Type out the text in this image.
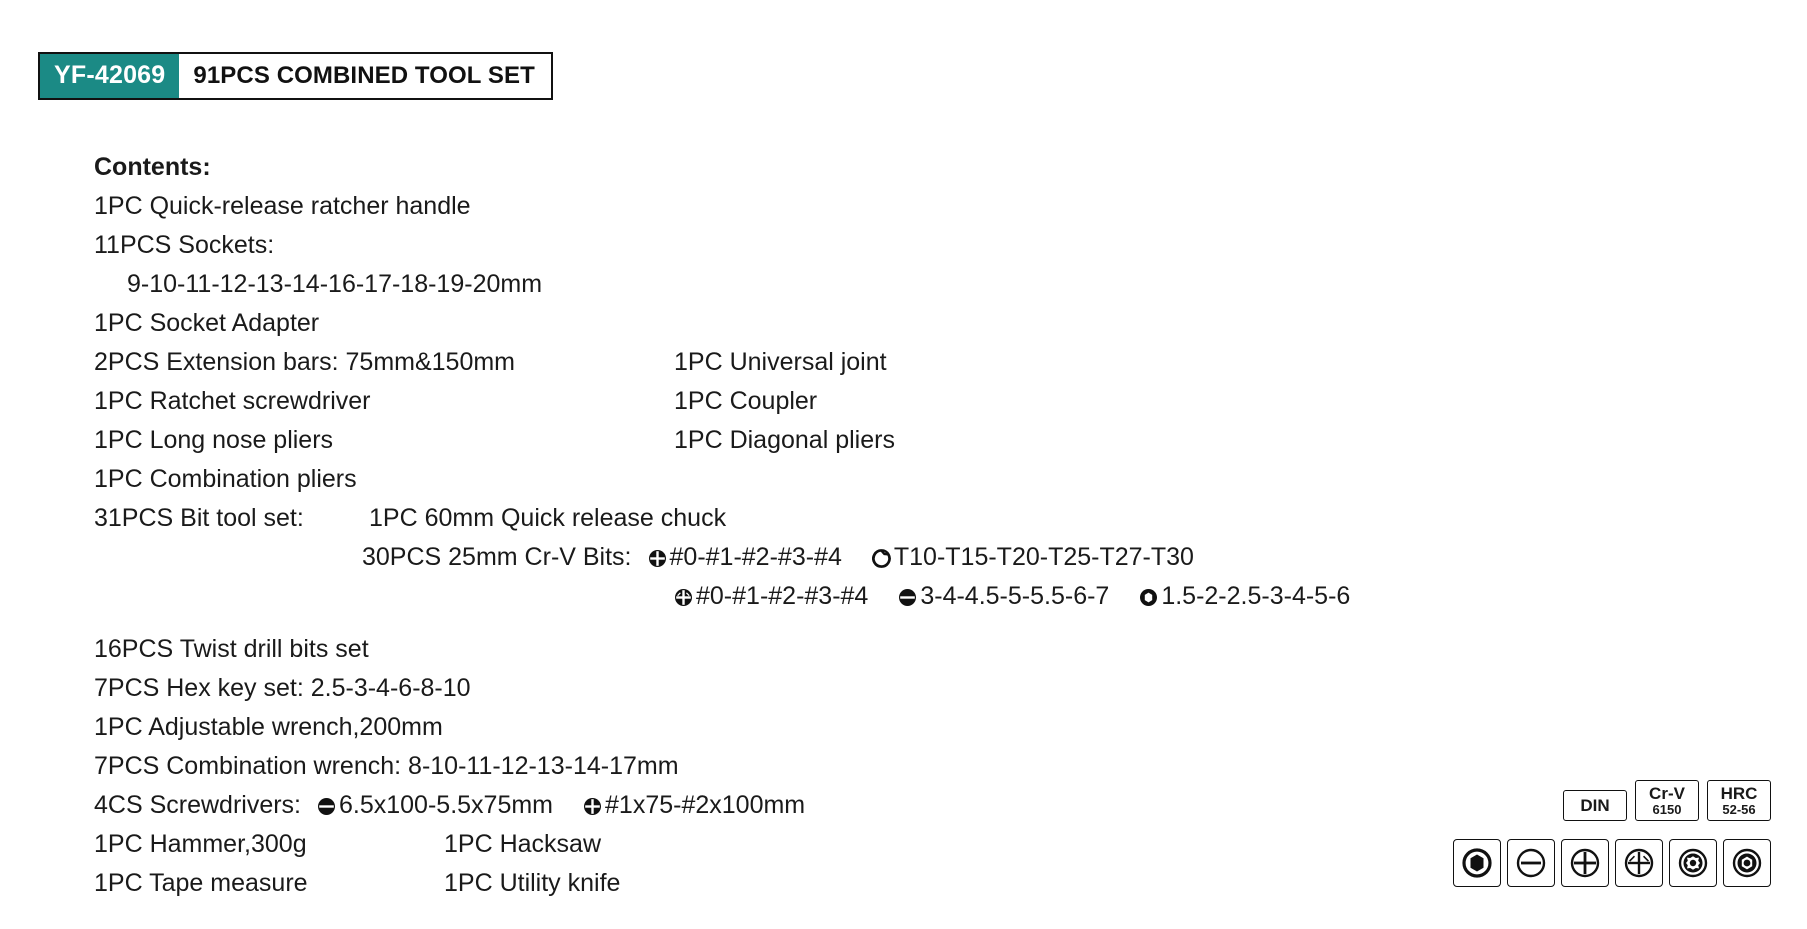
YF-42069	91PCS COMBINED TOOL SET
Contents:
1PC Quick-release ratcher handle
11PCS Sockets:
9-10-11-12-13-14-16-17-18-19-20mm
1PC Socket Adapter
2PCS Extension bars: 75mm&150mm	1PC Universal joint
1PC Ratchet screwdriver	1PC Coupler
1PC Long nose pliers	1PC Diagonal pliers
1PC Combination pliers
31PCS Bit tool set:	1PC 60mm Quick release chuck
30PCS 25mm Cr-V Bits: #0-#1-#2-#3-#4 T10-T15-T20-T25-T27-T30
#0-#1-#2-#3-#4 3-4-4.5-5-5.5-6-7 1.5-2-2.5-3-4-5-6
16PCS Twist drill bits set
7PCS Hex key set: 2.5-3-4-6-8-10
1PC Adjustable wrench,200mm
7PCS Combination wrench: 8-10-11-12-13-14-17mm
4CS Screwdrivers: 6.5x100-5.5x75mm #1x75-#2x100mm
1PC Hammer,300g	1PC Hacksaw
1PC Tape measure	1PC Utility knife
DIN
Cr-V
6150
HRC
52-56
